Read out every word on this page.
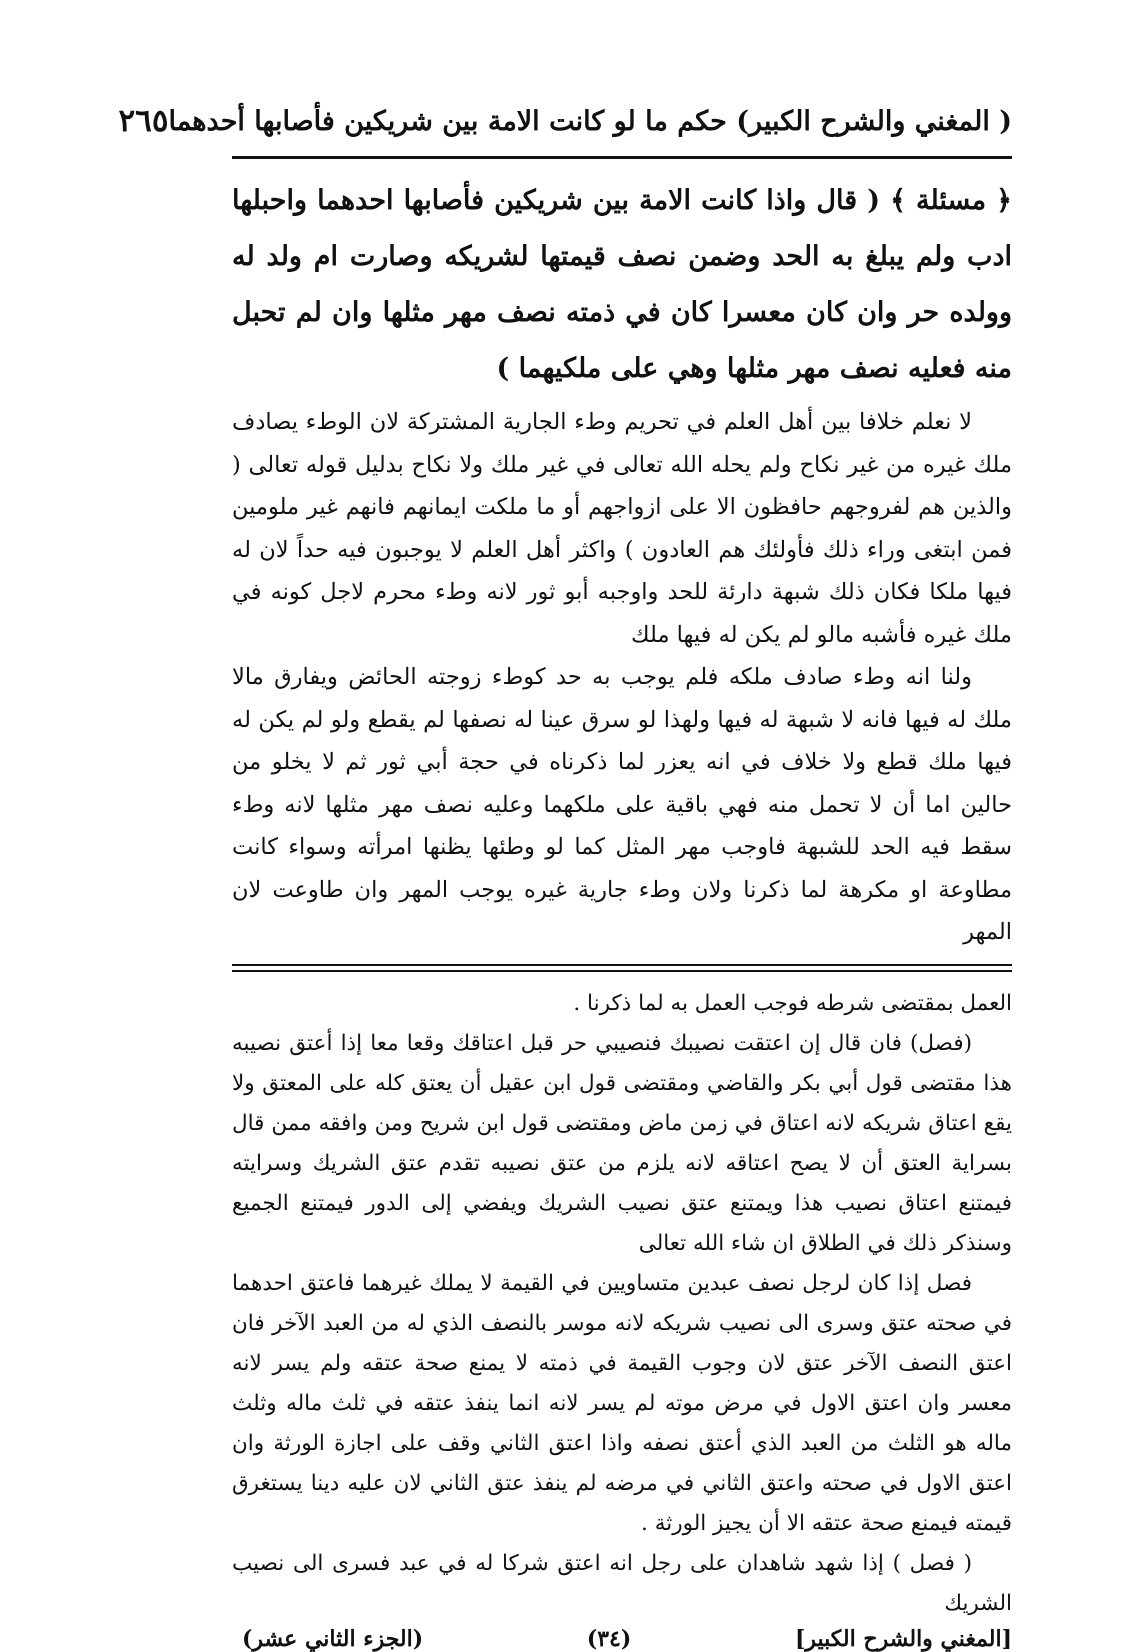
( المغني والشرح الكبير) حكم ما لو كانت الامة بين شريكين فأصابها أحدهما
٢٦٥
﴿ مسئلة ﴾ ( قال واذا كانت الامة بين شريكين فأصابها احدهما واحبلها ادب ولم يبلغ به الحد وضمن نصف قيمتها لشريكه وصارت ام ولد له وولده حر وان كان معسرا كان في ذمته نصف مهر مثلها وان لم تحبل منه فعليه نصف مهر مثلها وهي على ملكيهما )

لا نعلم خلافا بين أهل العلم في تحريم وطء الجارية المشتركة لان الوطء يصادف ملك غيره من غير نكاح ولم يحله الله تعالى في غير ملك ولا نكاح بدليل قوله تعالى ( والذين هم لفروجهم حافظون الا على ازواجهم أو ما ملكت ايمانهم فانهم غير ملومين فمن ابتغى وراء ذلك فأولئك هم العادون ) واكثر أهل العلم لا يوجبون فيه حداً لان له فيها ملكا فكان ذلك شبهة دارئة للحد واوجبه أبو ثور لانه وطء محرم لاجل كونه في ملك غيره فأشبه مالو لم يكن له فيها ملك

ولنا انه وطء صادف ملكه فلم يوجب به حد كوطء زوجته الحائض ويفارق مالا ملك له فيها فانه لا شبهة له فيها ولهذا لو سرق عينا له نصفها لم يقطع ولو لم يكن له فيها ملك قطع ولا خلاف في انه يعزر لما ذكرناه في حجة أبي ثور ثم لا يخلو من حالين اما أن لا تحمل منه فهي باقية على ملكهما وعليه نصف مهر مثلها لانه وطء سقط فيه الحد للشبهة فاوجب مهر المثل كما لو وطئها يظنها امرأته وسواء كانت مطاوعة او مكرهة لما ذكرنا ولان وطء جارية غيره يوجب المهر وان طاوعت لان المهر

العمل بمقتضى شرطه فوجب العمل به لما ذكرنا .

(فصل) فان قال إن اعتقت نصيبك فنصيبي حر قبل اعتاقك وقعا معا إذا أعتق نصيبه هذا مقتضى قول أبي بكر والقاضي ومقتضى قول ابن عقيل أن يعتق كله على المعتق ولا يقع اعتاق شريكه لانه اعتاق في زمن ماض ومقتضى قول ابن شريح ومن وافقه ممن قال بسراية العتق أن لا يصح اعتاقه لانه يلزم من عتق نصيبه تقدم عتق الشريك وسرايته فيمتنع اعتاق نصيب هذا ويمتنع عتق نصيب الشريك ويفضي إلى الدور فيمتنع الجميع وسنذكر ذلك في الطلاق ان شاء الله تعالى

فصل إذا كان لرجل نصف عبدين متساويين في القيمة لا يملك غيرهما فاعتق احدهما في صحته عتق وسرى الى نصيب شريكه لانه موسر بالنصف الذي له من العبد الآخر فان اعتق النصف الآخر عتق لان وجوب القيمة في ذمته لا يمنع صحة عتقه ولم يسر لانه معسر وان اعتق الاول في مرض موته لم يسر لانه انما ينفذ عتقه في ثلث ماله وثلث ماله هو الثلث من العبد الذي أعتق نصفه واذا اعتق الثاني وقف على اجازة الورثة وان اعتق الاول في صحته واعتق الثاني في مرضه لم ينفذ عتق الثاني لان عليه دينا يستغرق قيمته فيمنع صحة عتقه الا أن يجيز الورثة .

( فصل ) إذا شهد شاهدان على رجل انه اعتق شركا له في عبد فسرى الى نصيب الشريك

[المغني والشرح الكبير]
(٣٤)
(الجزء الثاني عشر)
